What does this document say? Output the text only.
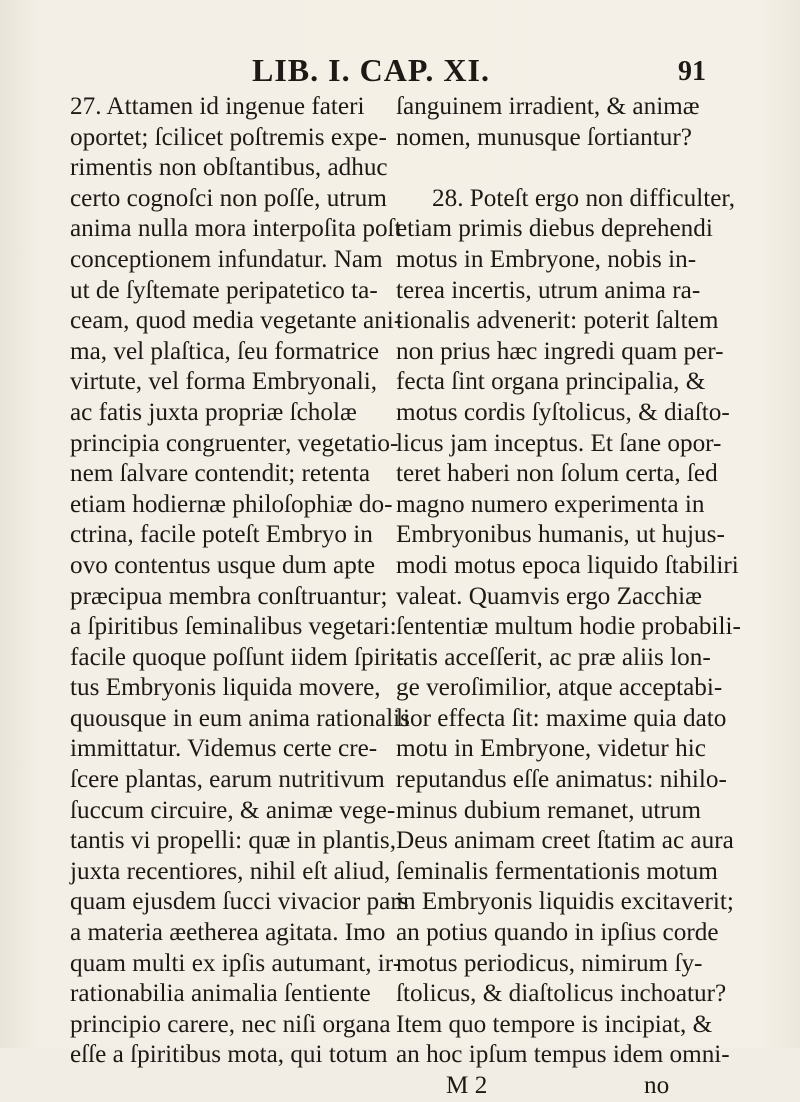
LIB. I. CAP. XI.	91
27. Attamen id ingenue fateri
oportet; ſcilicet poſtremis expe-
rimentis non obſtantibus, adhuc
certo cognoſci non poſſe, utrum
anima nulla mora interpoſita poſt
conceptionem infundatur. Nam
ut de ſyſtemate peripatetico ta-
ceam, quod media vegetante ani-
ma, vel plaſtica, ſeu formatrice
virtute, vel forma Embryonali,
ac fatis juxta propriæ ſcholæ
principia congruenter, vegetatio-
nem ſalvare contendit; retenta
etiam hodiernæ philoſophiæ do-
ctrina, facile poteſt Embryo in
ovo contentus usque dum apte
præcipua membra conſtruantur;
a ſpiritibus ſeminalibus vegetari:
facile quoque poſſunt iidem ſpiri-
tus Embryonis liquida movere,
quousque in eum anima rationalis
immittatur. Videmus certe cre-
ſcere plantas, earum nutritivum
ſuccum circuire, & animæ vege-
tantis vi propelli: quæ in plantis,
juxta recentiores, nihil eſt aliud,
quam ejusdem ſucci vivacior pars
a materia æetherea agitata. Imo
quam multi ex ipſis autumant, ir-
rationabilia animalia ſentiente
principio carere, nec niſi organa
eſſe a ſpiritibus mota, qui totum
ſanguinem irradient, & animæ
nomen, munusque ſortiantur?
28. Poteſt ergo non difficulter,
etiam primis diebus deprehendi
motus in Embryone, nobis in-
terea incertis, utrum anima ra-
tionalis advenerit: poterit ſaltem
non prius hæc ingredi quam per-
fecta ſint organa principalia, &
motus cordis ſyſtolicus, & diaſto-
licus jam inceptus. Et ſane opor-
teret haberi non ſolum certa, ſed
magno numero experimenta in
Embryonibus humanis, ut hujus-
modi motus epoca liquido ſtabiliri
valeat. Quamvis ergo Zacchiæ
ſententiæ multum hodie probabili-
tatis acceſſerit, ac præ aliis lon-
ge veroſimilior, atque acceptabi-
lior effecta ſit: maxime quia dato
motu in Embryone, videtur hic
reputandus eſſe animatus: nihilo-
minus dubium remanet, utrum
Deus animam creet ſtatim ac aura
ſeminalis fermentationis motum
in Embryonis liquidis excitaverit;
an potius quando in ipſius corde
motus periodicus, nimirum ſy-
ſtolicus, & diaſtolicus inchoatur?
Item quo tempore is incipiat, &
an hoc ipſum tempus idem omni-
M 2	no
